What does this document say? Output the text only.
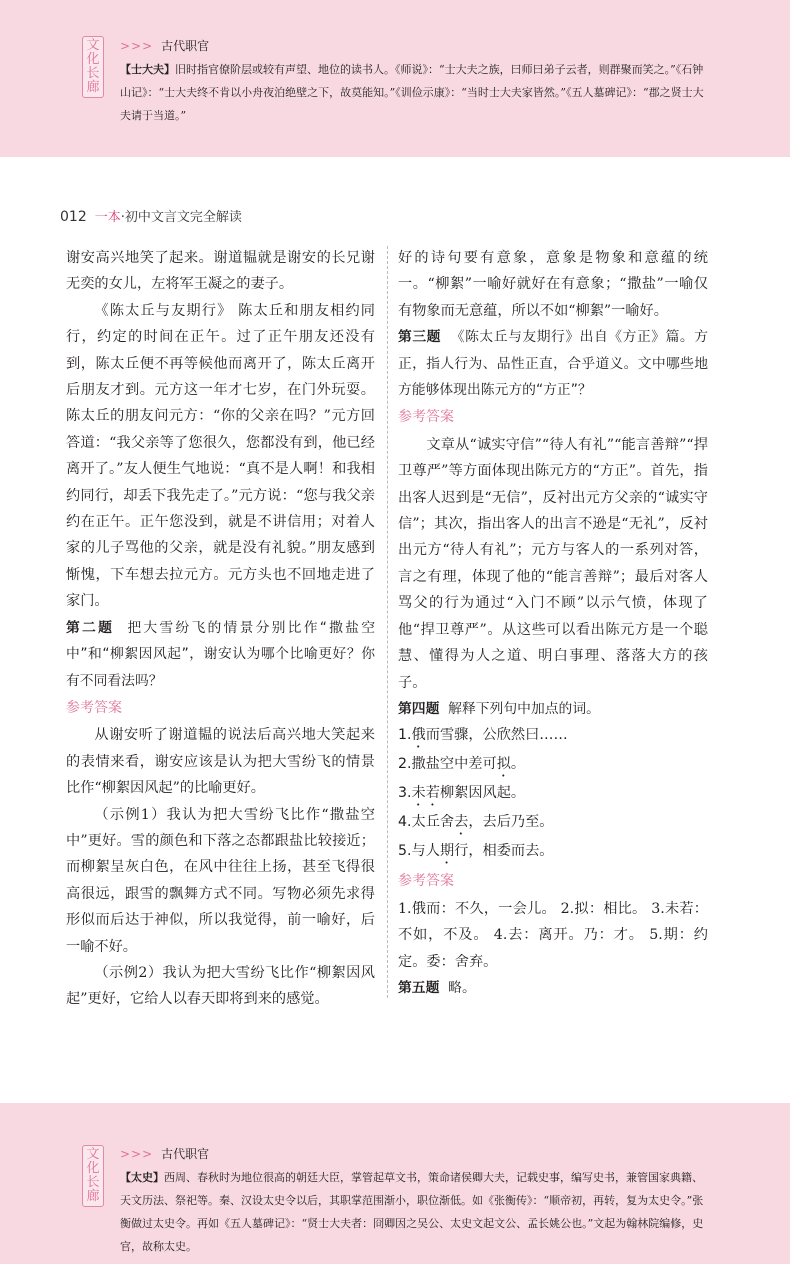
文
化
长
廊
>>> 古代职官
【士大夫】旧时指官僚阶层或较有声望、地位的读书人。《师说》：“士大夫之族，曰师曰弟子云者，则群聚而笑之。”《石钟山记》：“士大夫终不肯以小舟夜泊绝壁之下，故莫能知。”《训俭示康》：“当时士大夫家皆然。”《五人墓碑记》：“郡之贤士大夫请于当道。”
012 一本·初中文言文完全解读

谢安高兴地笑了起来。谢道韫就是谢安的长兄谢无奕的女儿，左将军王凝之的妻子。

《陈太丘与友期行》 陈太丘和朋友相约同行，约定的时间在正午。过了正午朋友还没有到，陈太丘便不再等候他而离开了，陈太丘离开后朋友才到。元方这一年才七岁，在门外玩耍。陈太丘的朋友问元方：“你的父亲在吗？”元方回答道：“我父亲等了您很久，您都没有到，他已经离开了。”友人便生气地说：“真不是人啊！和我相约同行，却丢下我先走了。”元方说：“您与我父亲约在正午。正午您没到，就是不讲信用；对着人家的儿子骂他的父亲，就是没有礼貌。”朋友感到惭愧，下车想去拉元方。元方头也不回地走进了家门。

第二题 把大雪纷飞的情景分别比作“撒盐空中”和“柳絮因风起”，谢安认为哪个比喻更好？你有不同看法吗？
参考答案

从谢安听了谢道韫的说法后高兴地大笑起来的表情来看，谢安应该是认为把大雪纷飞的情景比作“柳絮因风起”的比喻更好。

（示例1）我认为把大雪纷飞比作“撒盐空中”更好。雪的颜色和下落之态都跟盐比较接近；而柳絮呈灰白色，在风中往往上扬，甚至飞得很高很远，跟雪的飘舞方式不同。写物必须先求得形似而后达于神似，所以我觉得，前一喻好，后一喻不好。

（示例2）我认为把大雪纷飞比作“柳絮因风起”更好，它给人以春天即将到来的感觉。

好的诗句要有意象，意象是物象和意蕴的统一。“柳絮”一喻好就好在有意象；“撒盐”一喻仅有物象而无意蕴，所以不如“柳絮”一喻好。

第三题 《陈太丘与友期行》出自《方正》篇。方正，指人行为、品性正直，合乎道义。文中哪些地方能够体现出陈元方的“方正”？
参考答案

文章从“诚实守信”“待人有礼”“能言善辩”“捍卫尊严”等方面体现出陈元方的“方正”。首先，指出客人迟到是“无信”，反衬出元方父亲的“诚实守信”；其次，指出客人的出言不逊是“无礼”，反衬出元方“待人有礼”；元方与客人的一系列对答，言之有理，体现了他的“能言善辩”；最后对客人骂父的行为通过“入门不顾”以示气愤，体现了他“捍卫尊严”。从这些可以看出陈元方是一个聪慧、懂得为人之道、明白事理、落落大方的孩子。

第四题 解释下列句中加点的词。
1.俄而雪骤，公欣然曰……
2.撒盐空中差可拟。
3.未若柳絮因风起。
4.太丘舍去，去后乃至。
5.与人期行，相委而去。
参考答案

1.俄而：不久，一会儿。 2.拟：相比。 3.未若：不如，不及。 4.去：离开。乃：才。 5.期：约定。委：舍弃。

第五题 略。
文
化
长
廊
>>> 古代职官
【太史】西周、春秋时为地位很高的朝廷大臣，掌管起草文书，策命诸侯卿大夫，记载史事，编写史书，兼管国家典籍、天文历法、祭祀等。秦、汉设太史令以后，其职掌范围渐小，职位渐低。如《张衡传》：“顺帝初，再转，复为太史令。”张衡做过太史令。再如《五人墓碑记》：“贤士大夫者：冏卿因之吴公、太史文起文公、孟长姚公也。”文起为翰林院编修，史官，故称太史。
